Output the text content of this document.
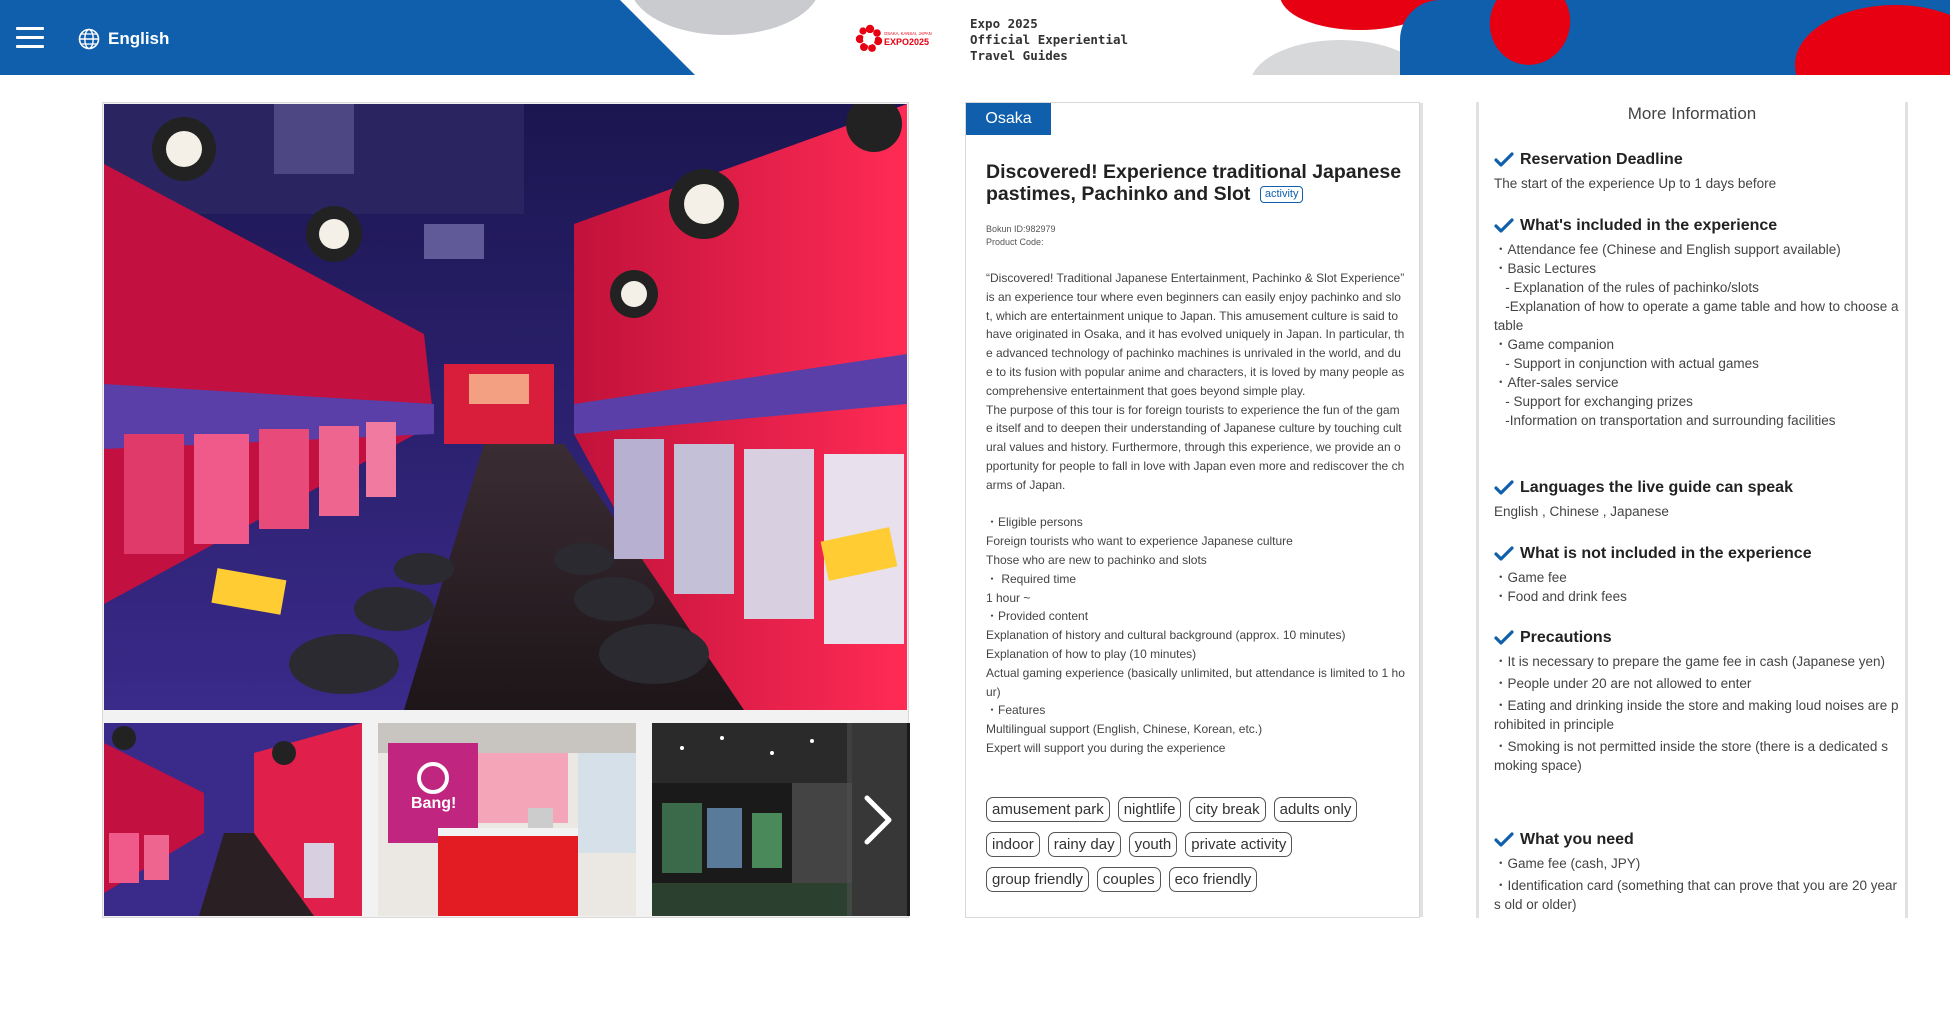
English	OSAKA, KANSAI, JAPAN
EXPO2025
Expo 2025
Official Experiential
Travel Guides
Bang!
Osaka
Discovered! Experience traditional Japanese pastimes, Pachinko and Slot activity
Bokun ID:982979
Product Code:

“Discovered! Traditional Japanese Entertainment, Pachinko & Slot Experience” is an experience tour where even beginners can easily enjoy pachinko and slot, which are entertainment unique to Japan. This amusement culture is said to have originated in Osaka, and it has evolved uniquely in Japan. In particular, the advanced technology of pachinko machines is unrivaled in the world, and due to its fusion with popular anime and characters, it is loved by many people as comprehensive entertainment that goes beyond simple play.

The purpose of this tour is for foreign tourists to experience the fun of the game itself and to deepen their understanding of Japanese culture by touching cultural values and history. Furthermore, through this experience, we provide an opportunity for people to fall in love with Japan even more and rediscover the charms of Japan.

・Eligible persons

Foreign tourists who want to experience Japanese culture

Those who are new to pachinko and slots

・ Required time

1 hour ~

・Provided content

Explanation of history and cultural background (approx. 10 minutes)

Explanation of how to play (10 minutes)

Actual gaming experience (basically unlimited, but attendance is limited to 1 hour)

・Features

Multilingual support (English, Chinese, Korean, etc.)

Expert will support you during the experience

amusement park	nightlife	city break	adults only
indoor	rainy day	youth	private activity
group friendly	couples	eco friendly
More Information
Reservation Deadline
The start of the experience Up to 1 days before
What's included in the experience
・Attendance fee (Chinese and English support available)
・Basic Lectures
- Explanation of the rules of pachinko/slots
-Explanation of how to operate a game table and how to choose a table
・Game companion
- Support in conjunction with actual games
・After-sales service
- Support for exchanging prizes
-Information on transportation and surrounding facilities
Languages the live guide can speak
English , Chinese , Japanese
What is not included in the experience
・Game fee
・Food and drink fees
Precautions
・It is necessary to prepare the game fee in cash (Japanese yen)
・People under 20 are not allowed to enter
・Eating and drinking inside the store and making loud noises are prohibited in principle
・Smoking is not permitted inside the store (there is a dedicated smoking space)
What you need
・Game fee (cash, JPY)
・Identification card (something that can prove that you are 20 years old or older)
